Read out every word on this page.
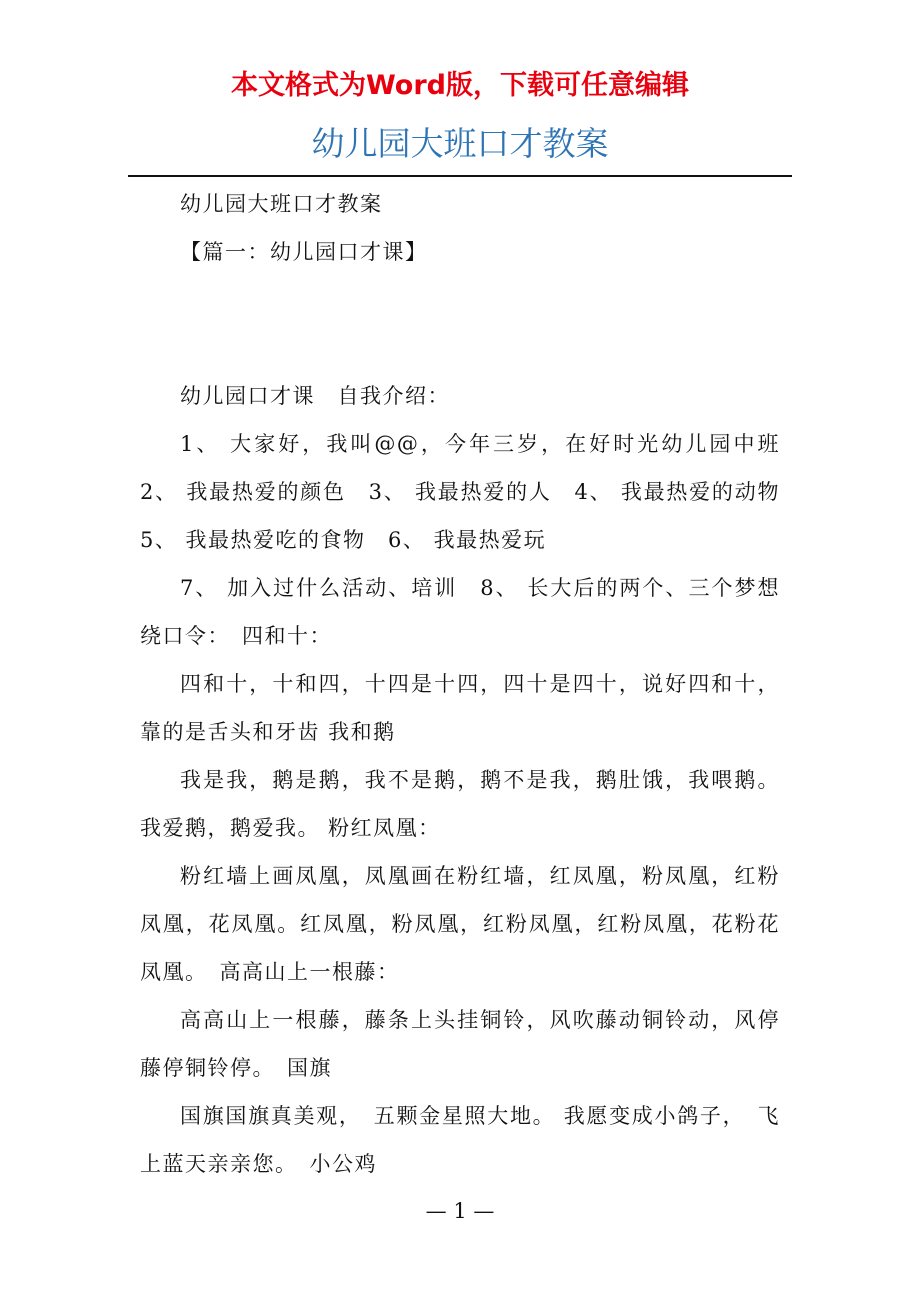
本文格式为Word版，下载可任意编辑
幼儿园大班口才教案

幼儿园大班口才教案

【篇一：幼儿园口才课】

幼儿园口才课　自我介绍：

1、 大家好，我叫@@，今年三岁，在好时光幼儿园中班 2、 我最热爱的颜色　3、 我最热爱的人　4、 我最热爱的动物　5、 我最热爱吃的食物　6、 我最热爱玩

7、 加入过什么活动、培训　8、 长大后的两个、三个梦想　绕口令：　四和十：

四和十，十和四，十四是十四，四十是四十，说好四和十，靠的是舌头和牙齿 我和鹅

我是我，鹅是鹅，我不是鹅，鹅不是我，鹅肚饿，我喂鹅。我爱鹅，鹅爱我。 粉红凤凰：

粉红墙上画凤凰，凤凰画在粉红墙，红凤凰，粉凤凰，红粉凤凰，花凤凰。红凤凰，粉凤凰，红粉凤凰，红粉凤凰，花粉花凤凰。　高高山上一根藤：

高高山上一根藤，藤条上头挂铜铃，风吹藤动铜铃动，风停藤停铜铃停。　国旗

国旗国旗真美观，　五颗金星照大地。 我愿变成小鸽子，　飞上蓝天亲亲您。　小公鸡

— 1 —
